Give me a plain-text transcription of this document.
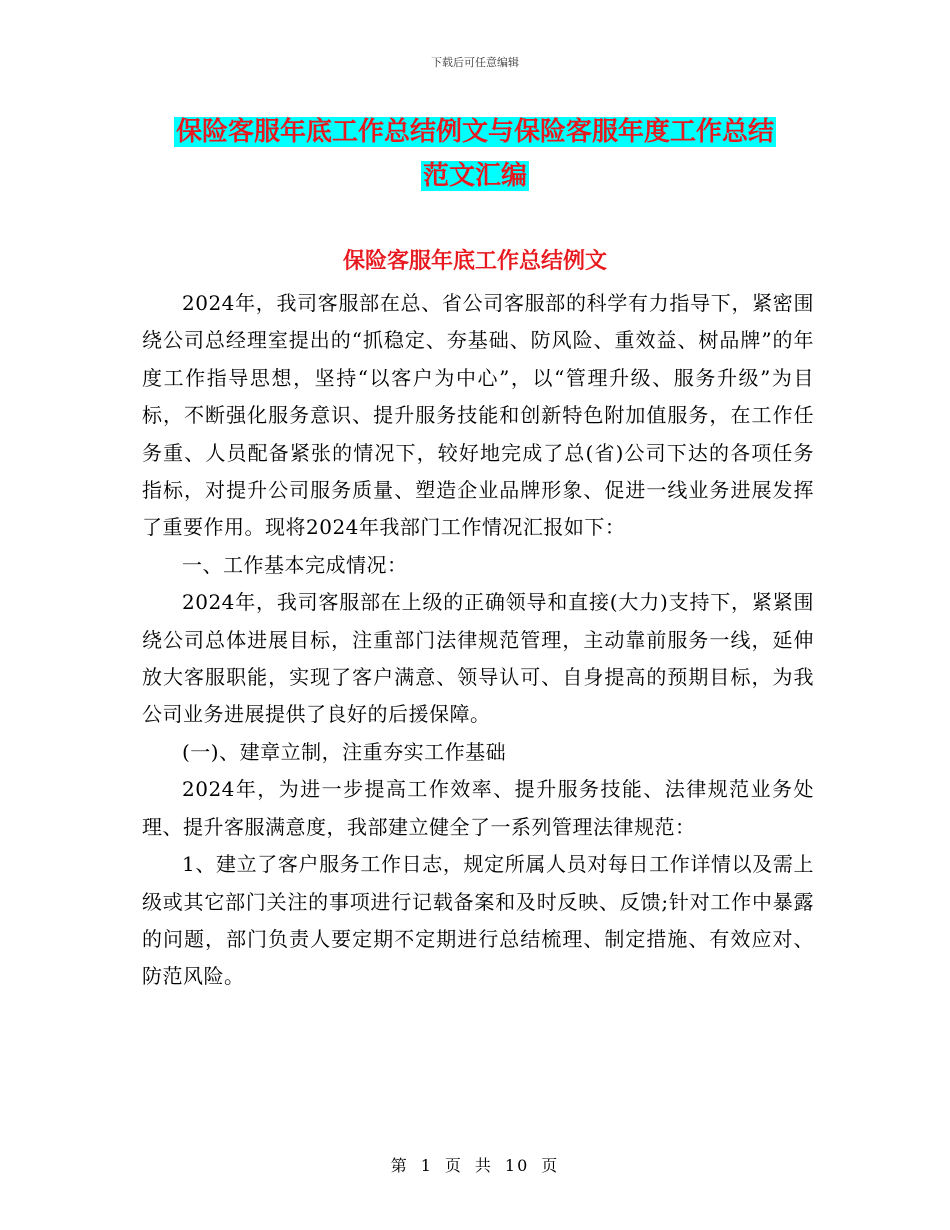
下载后可任意编辑
保险客服年底工作总结例文与保险客服年度工作总结
范文汇编
保险客服年底工作总结例文

2024年，我司客服部在总、省公司客服部的科学有力指导下，紧密围绕公司总经理室提出的“抓稳定、夯基础、防风险、重效益、树品牌”的年度工作指导思想，坚持“以客户为中心”，以“管理升级、服务升级”为目标，不断强化服务意识、提升服务技能和创新特色附加值服务，在工作任务重、人员配备紧张的情况下，较好地完成了总(省)公司下达的各项任务指标，对提升公司服务质量、塑造企业品牌形象、促进一线业务进展发挥了重要作用。现将2024年我部门工作情况汇报如下：

一、工作基本完成情况：

2024年，我司客服部在上级的正确领导和直接(大力)支持下，紧紧围绕公司总体进展目标，注重部门法律规范管理，主动靠前服务一线，延伸放大客服职能，实现了客户满意、领导认可、自身提高的预期目标，为我公司业务进展提供了良好的后援保障。

(一)、建章立制，注重夯实工作基础

2024年，为进一步提高工作效率、提升服务技能、法律规范业务处理、提升客服满意度，我部建立健全了一系列管理法律规范：

1、建立了客户服务工作日志，规定所属人员对每日工作详情以及需上级或其它部门关注的事项进行记载备案和及时反映、反馈;针对工作中暴露的问题，部门负责人要定期不定期进行总结梳理、制定措施、有效应对、防范风险。

第 1 页 共 10 页
